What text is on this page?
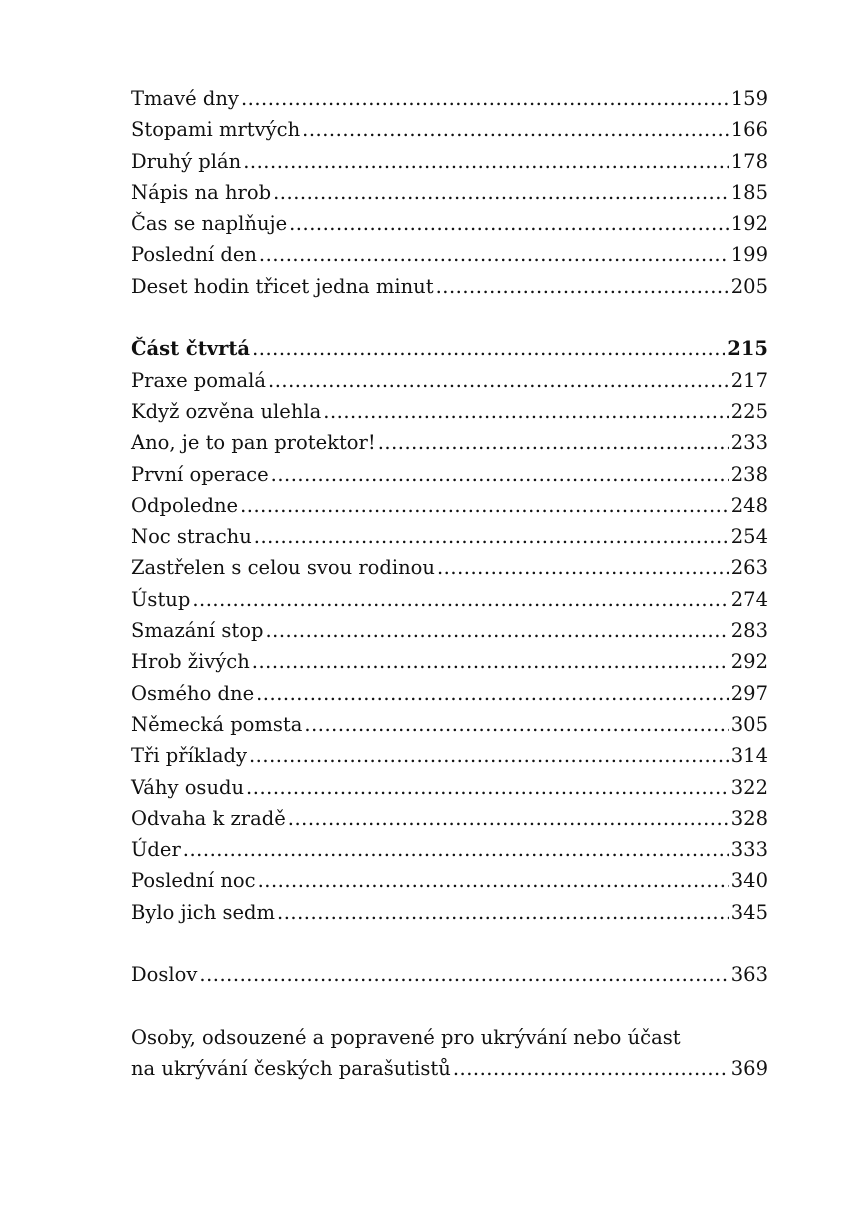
Tmavé dny .....	159
Stopami mrtvých .....	166
Druhý plán .....	178
Nápis na hrob .....	185
Čas se naplňuje .....	192
Poslední den .....	199
Deset hodin třicet jedna minut .....	205
Část čtvrtá .....	215
Praxe pomalá .....	217
Když ozvěna ulehla .....	225
Ano, je to pan protektor! .....	233
První operace .....	238
Odpoledne .....	248
Noc strachu .....	254
Zastřelen s celou svou rodinou .....	263
Ústup .....	274
Smazání stop .....	283
Hrob živých .....	292
Osmého dne .....	297
Německá pomsta .....	305
Tři příklady .....	314
Váhy osudu .....	322
Odvaha k zradě .....	328
Úder .....	333
Poslední noc .....	340
Bylo jich sedm .....	345
Doslov .....	363
Osoby, odsouzené a popravené pro ukrývání nebo účast
na ukrývání českých parašutistů .....	369
